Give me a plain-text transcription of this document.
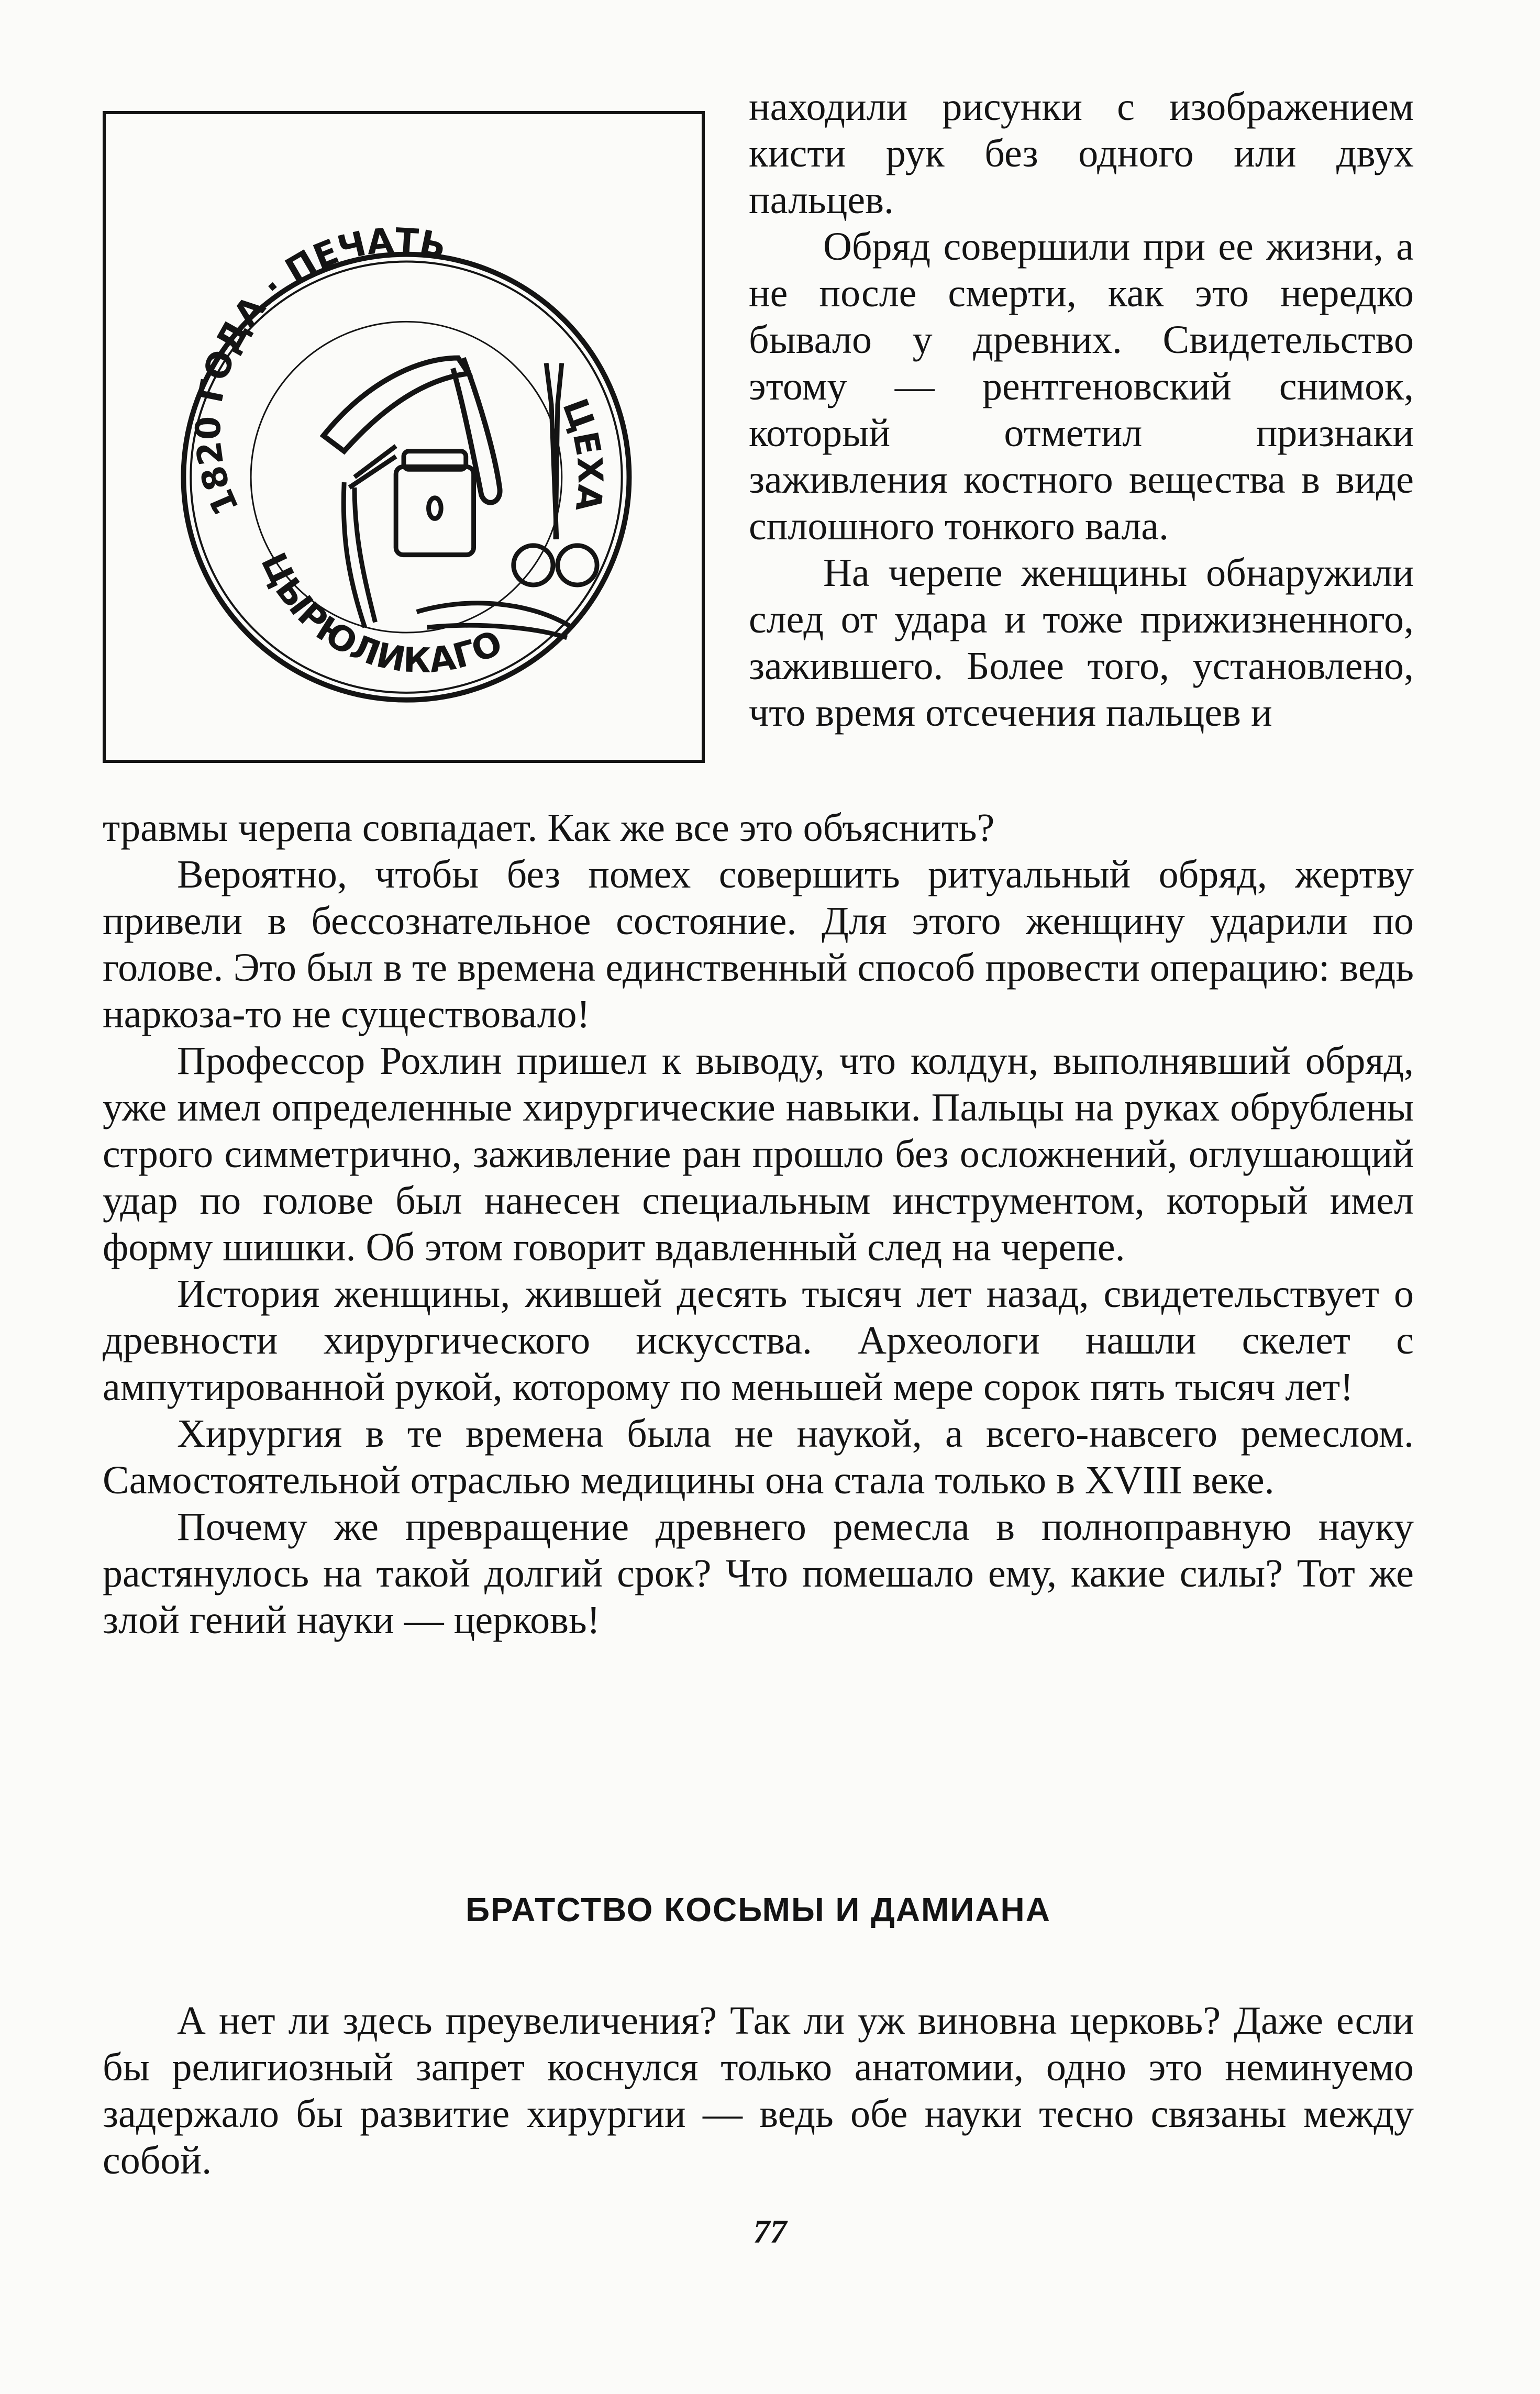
1820 ГОДА · ПЕЧАТЬ
ЦЕХА
ЦЫРЮЛИКАГО

находили рисунки с изображением кисти рук без одного или двух пальцев.

Обряд совершили при ее жизни, а не после смерти, как это нередко бывало у древних. Свидетельство этому — рентгеновский снимок, который отметил признаки заживления костного вещества в виде сплошного тонкого вала.

На черепе женщины обнаружили след от удара и тоже прижизненного, зажившего. Более того, установлено, что время отсечения пальцев и

травмы черепа совпадает. Как же все это объяснить?

Вероятно, чтобы без помех совершить ритуальный обряд, жертву привели в бессознательное состояние. Для этого женщину ударили по голове. Это был в те времена единственный способ провести операцию: ведь наркоза-то не существовало!

Профессор Рохлин пришел к выводу, что колдун, выполнявший обряд, уже имел определенные хирургические навыки. Пальцы на руках обрублены строго симметрично, заживление ран прошло без осложнений, оглушающий удар по голове был нанесен специальным инструментом, который имел форму шишки. Об этом говорит вдавленный след на черепе.

История женщины, жившей десять тысяч лет назад, свидетельствует о древности хирургического искусства. Археологи нашли скелет с ампутированной рукой, которому по меньшей мере сорок пять тысяч лет!

Хирургия в те времена была не наукой, а всего-навсего ремеслом. Самостоятельной отраслью медицины она стала только в XVIII веке.

Почему же превращение древнего ремесла в полноправную науку растянулось на такой долгий срок? Что помешало ему, какие силы? Тот же злой гений науки — церковь!

БРАТСТВО КОСЬМЫ И ДАМИАНА

А нет ли здесь преувеличения? Так ли уж виновна церковь? Даже если бы религиозный запрет коснулся только анатомии, одно это неминуемо задержало бы развитие хирургии — ведь обе науки тесно связаны между собой.

77
